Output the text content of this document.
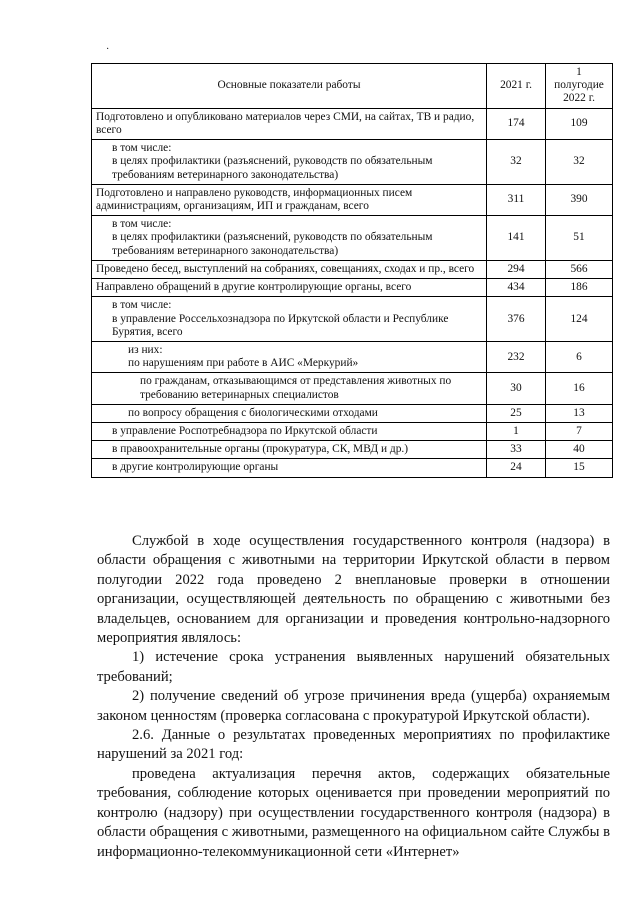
·
Основные показатели работы	2021 г.	1 полугодие 2022 г.
Подготовлено и опубликовано материалов через СМИ, на сайтах, ТВ и радио, всего	174	109
в том числе:
в целях профилактики (разъяснений, руководств по обязательным требованиям ветеринарного законодательства)	32	32
Подготовлено и направлено руководств, информационных писем администрациям, организациям, ИП и гражданам, всего	311	390
в том числе:
в целях профилактики (разъяснений, руководств по обязательным требованиям ветеринарного законодательства)	141	51
Проведено бесед, выступлений на собраниях, совещаниях, сходах и пр., всего	294	566
Направлено обращений в другие контролирующие органы, всего	434	186
в том числе:
в управление Россельхознадзора по Иркутской области и Республике Бурятия, всего	376	124
из них:
по нарушениям при работе в АИС «Меркурий»	232	6
по гражданам, отказывающимся от представления животных по требованию ветеринарных специалистов	30	16
по вопросу обращения с биологическими отходами	25	13
в управление Роспотребнадзора по Иркутской области	1	7
в правоохранительные органы (прокуратура, СК, МВД и др.)	33	40
в другие контролирующие органы	24	15

Службой в ходе осуществления государственного контроля (надзора) в области обращения с животными на территории Иркутской области в первом полугодии 2022 года проведено 2 внеплановые проверки в отношении организации, осуществляющей деятельность по обращению с животными без владельцев, основанием для организации и проведения контрольно-надзорного мероприятия являлось:

1) истечение срока устранения выявленных нарушений обязательных требований;

2) получение сведений об угрозе причинения вреда (ущерба) охраняемым законом ценностям (проверка согласована с прокуратурой Иркутской области).

2.6. Данные о результатах проведенных мероприятиях по профилактике нарушений за 2021 год:

проведена актуализация перечня актов, содержащих обязательные требования, соблюдение которых оценивается при проведении мероприятий по контролю (надзору) при осуществлении государственного контроля (надзора) в области обращения с животными, размещенного на официальном сайте Службы в информационно-телекоммуникационной сети «Интернет»
